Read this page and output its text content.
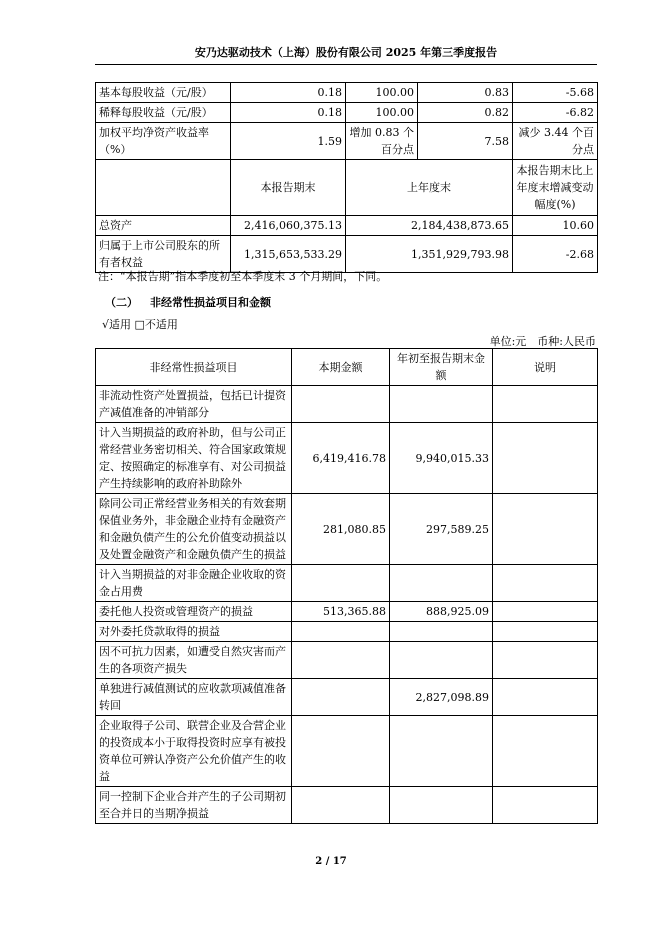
安乃达驱动技术（上海）股份有限公司 2025 年第三季度报告
基本每股收益（元/股）	0.18	100.00	0.83	-5.68
稀释每股收益（元/股）	0.18	100.00	0.82	-6.82
加权平均净资产收益率（%）	1.59	增加 0.83 个百分点	7.58	减少 3.44 个百分点
	本报告期末	上年度末		本报告期末比上年度末增减变动幅度(%)
总资产	2,416,060,375.13	2,184,438,873.65		10.60
归属于上市公司股东的所有者权益	1,315,653,533.29	1,351,929,793.98		-2.68
注：“本报告期”指本季度初至本季度末 3 个月期间，下同。
（二） 非经常性损益项目和金额
√适用 □不适用
单位:元　币种:人民币
非经常性损益项目	本期金额	年初至报告期末金额	说明
非流动性资产处置损益，包括已计提资产减值准备的冲销部分			
计入当期损益的政府补助，但与公司正常经营业务密切相关、符合国家政策规定、按照确定的标准享有、对公司损益产生持续影响的政府补助除外	6,419,416.78	9,940,015.33	
除同公司正常经营业务相关的有效套期保值业务外，非金融企业持有金融资产和金融负债产生的公允价值变动损益以及处置金融资产和金融负债产生的损益	281,080.85	297,589.25	
计入当期损益的对非金融企业收取的资金占用费			
委托他人投资或管理资产的损益	513,365.88	888,925.09	
对外委托贷款取得的损益			
因不可抗力因素，如遭受自然灾害而产生的各项资产损失			
单独进行减值测试的应收款项减值准备转回		2,827,098.89	
企业取得子公司、联营企业及合营企业的投资成本小于取得投资时应享有被投资单位可辨认净资产公允价值产生的收益			
同一控制下企业合并产生的子公司期初至合并日的当期净损益			
2 / 17
